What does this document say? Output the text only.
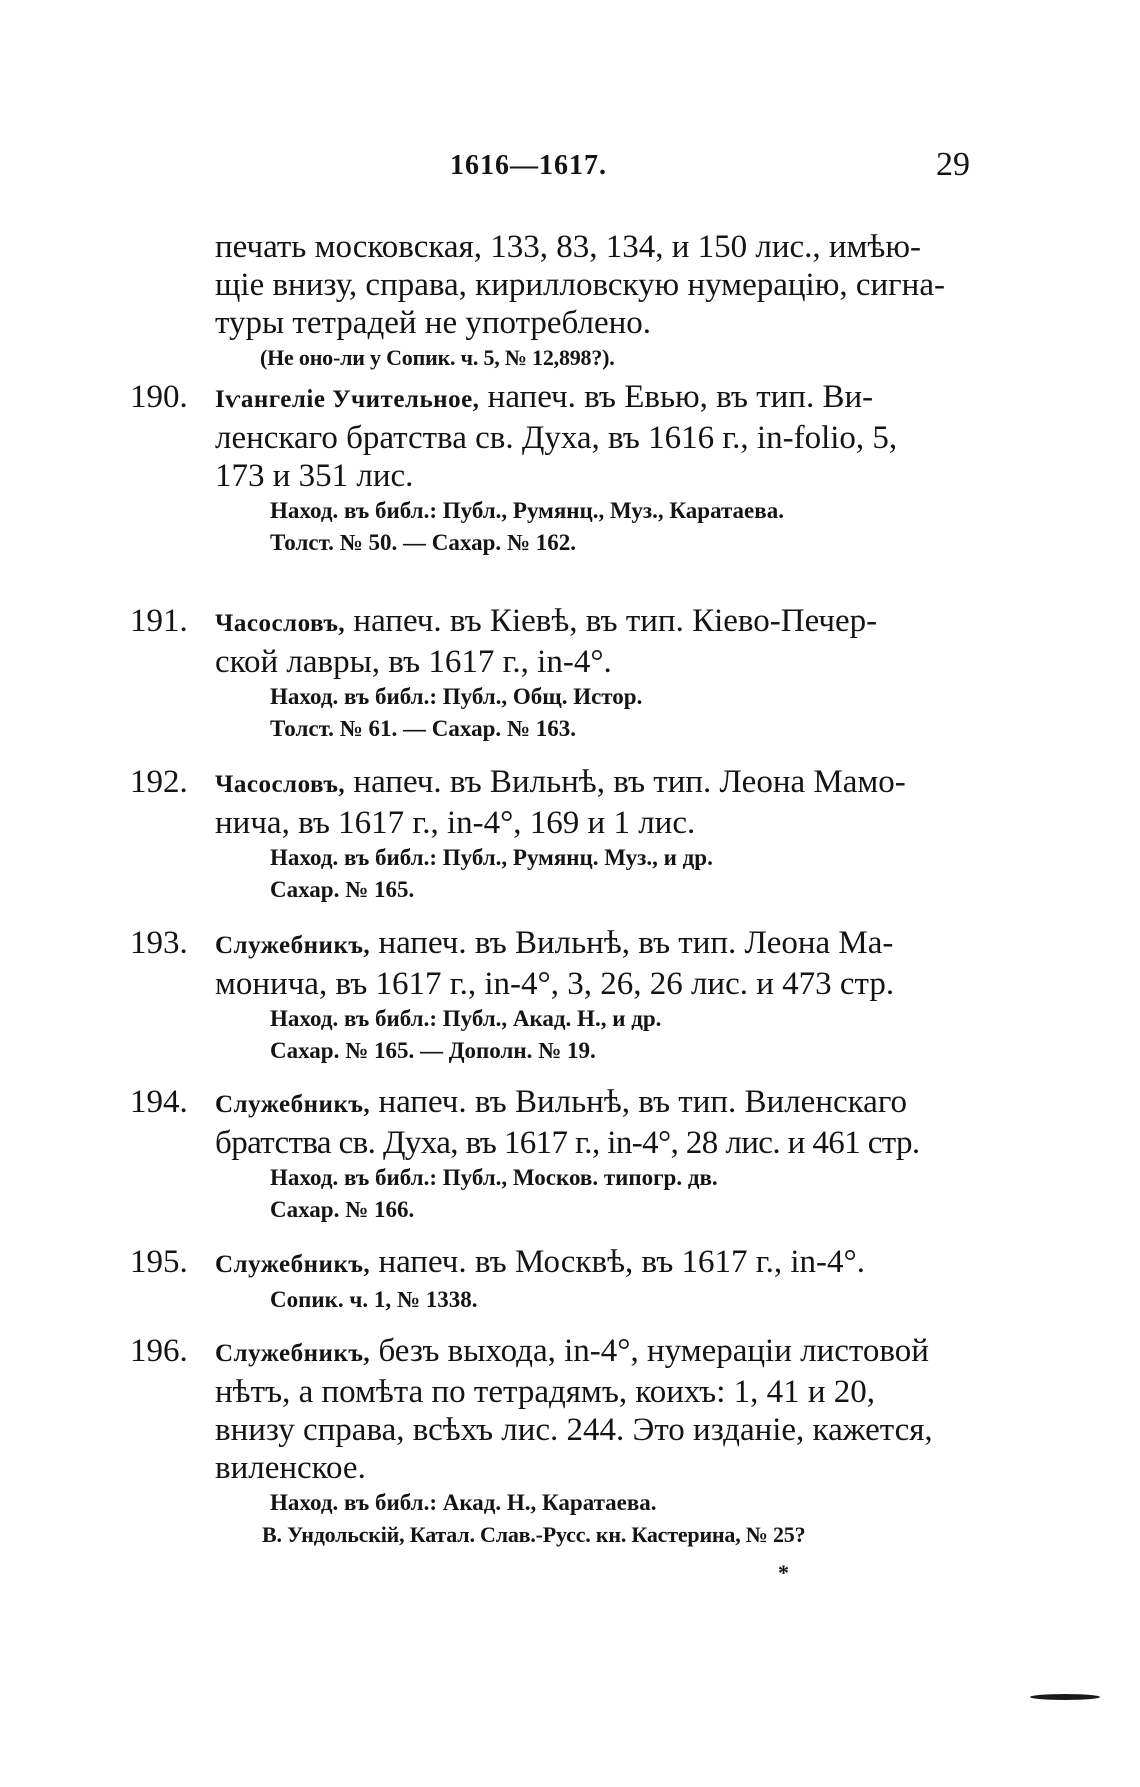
1616—1617.	29
печать московская, 133, 83, 134, и 150 лис., имѣю-
щіе внизу, справа, кирилловскую нумерацію, сигна-
туры тетрадей не употреблено.
(Не оно-ли у Сопик. ч. 5, № 12,898?).
190. Іѵангеліе Учительное, напеч. въ Евью, въ тип. Ви-
ленскаго братства св. Духа, въ 1616 г., in-folio, 5,
173 и 351 лис.
Наход. въ библ.: Публ., Румянц., Муз., Каратаева.
Толст. № 50. — Сахар. № 162.
191. Часословъ, напеч. въ Кіевѣ, въ тип. Кіево-Печер-
ской лавры, въ 1617 г., in-4°.
Наход. въ библ.: Публ., Общ. Истор.
Толст. № 61. — Сахар. № 163.
192. Часословъ, напеч. въ Вильнѣ, въ тип. Леона Мамо-
нича, въ 1617 г., in-4°, 169 и 1 лис.
Наход. въ библ.: Публ., Румянц. Муз., и др.
Сахар. № 165.
193. Служебникъ, напеч. въ Вильнѣ, въ тип. Леона Ма-
монича, въ 1617 г., in-4°, 3, 26, 26 лис. и 473 стр.
Наход. въ библ.: Публ., Акад. Н., и др.
Сахар. № 165. — Дополн. № 19.
194. Служебникъ, напеч. въ Вильнѣ, въ тип. Виленскаго
братства св. Духа, въ 1617 г., in-4°, 28 лис. и 461 стр.
Наход. въ библ.: Публ., Москов. типогр. дв.
Сахар. № 166.
195. Служебникъ, напеч. въ Москвѣ, въ 1617 г., in-4°.
Сопик. ч. 1, № 1338.
196. Служебникъ, безъ выхода, in-4°, нумераціи листовой
нѣтъ, а помѣта по тетрадямъ, коихъ: 1, 41 и 20,
внизу справа, всѣхъ лис. 244. Это изданіе, кажется,
виленское.
Наход. въ библ.: Акад. Н., Каратаева.
В. Ундольскій, Катал. Слав.-Русс. кн. Кастерина, № 25?
*
